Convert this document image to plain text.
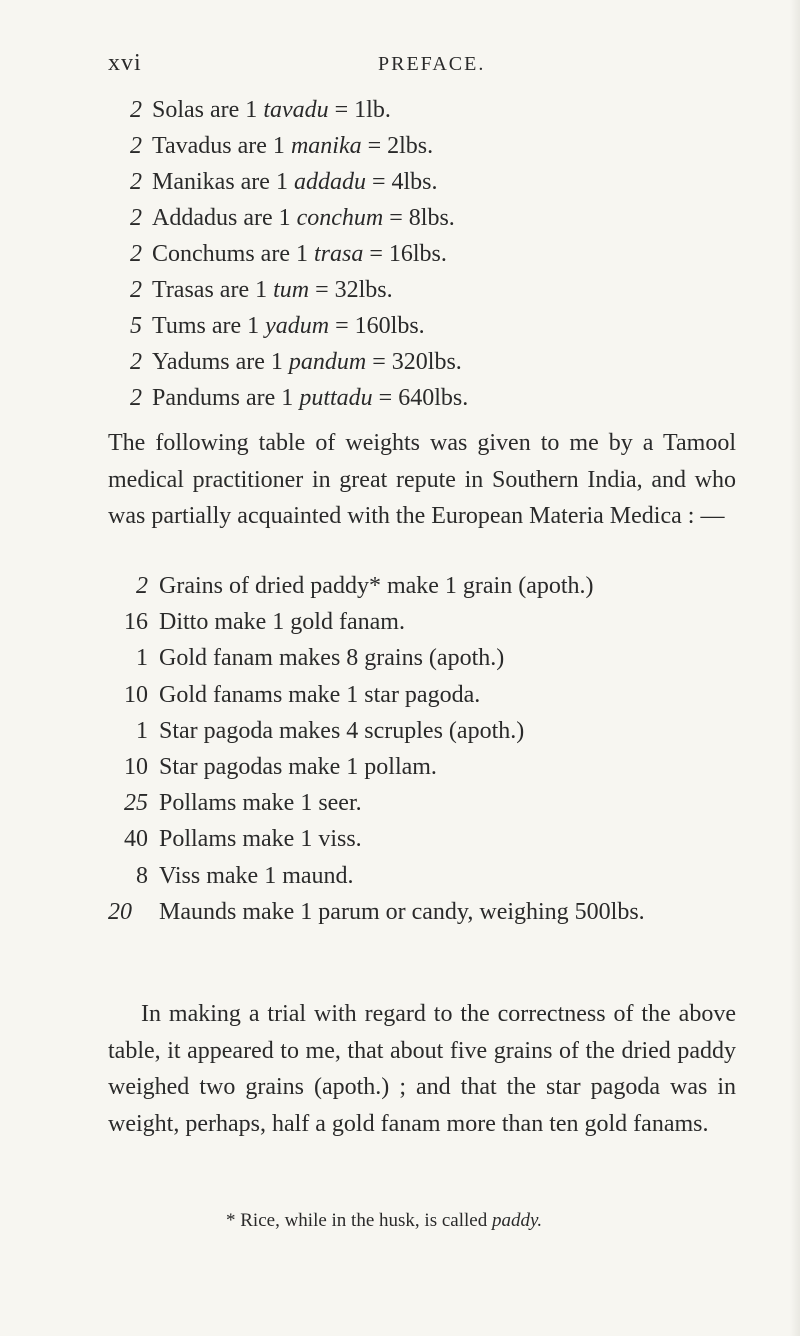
xvi	PREFACE.
2 Solas are 1 tavadu = 1lb.
2 Tavadus are 1 manika = 2lbs.
2 Manikas are 1 addadu = 4lbs.
2 Addadus are 1 conchum = 8lbs.
2 Conchums are 1 trasa = 16lbs.
2 Trasas are 1 tum = 32lbs.
5 Tums are 1 yadum = 160lbs.
2 Yadums are 1 pandum = 320lbs.
2 Pandums are 1 puttadu = 640lbs.

The following table of weights was given to me by a Tamool medical practitioner in great repute in Southern India, and who was partially acquainted with the European Materia Medica : —

2 Grains of dried paddy* make 1 grain (apoth.)
16 Ditto make 1 gold fanam.
1 Gold fanam makes 8 grains (apoth.)
10 Gold fanams make 1 star pagoda.
1 Star pagoda makes 4 scruples (apoth.)
10 Star pagodas make 1 pollam.
25 Pollams make 1 seer.
40 Pollams make 1 viss.
8 Viss make 1 maund.
20 Maunds make 1 parum or candy, weighing 500lbs.

In making a trial with regard to the correctness of the above table, it appeared to me, that about five grains of the dried paddy weighed two grains (apoth.) ; and that the star pagoda was in weight, perhaps, half a gold fanam more than ten gold fanams.

* Rice, while in the husk, is called paddy.
